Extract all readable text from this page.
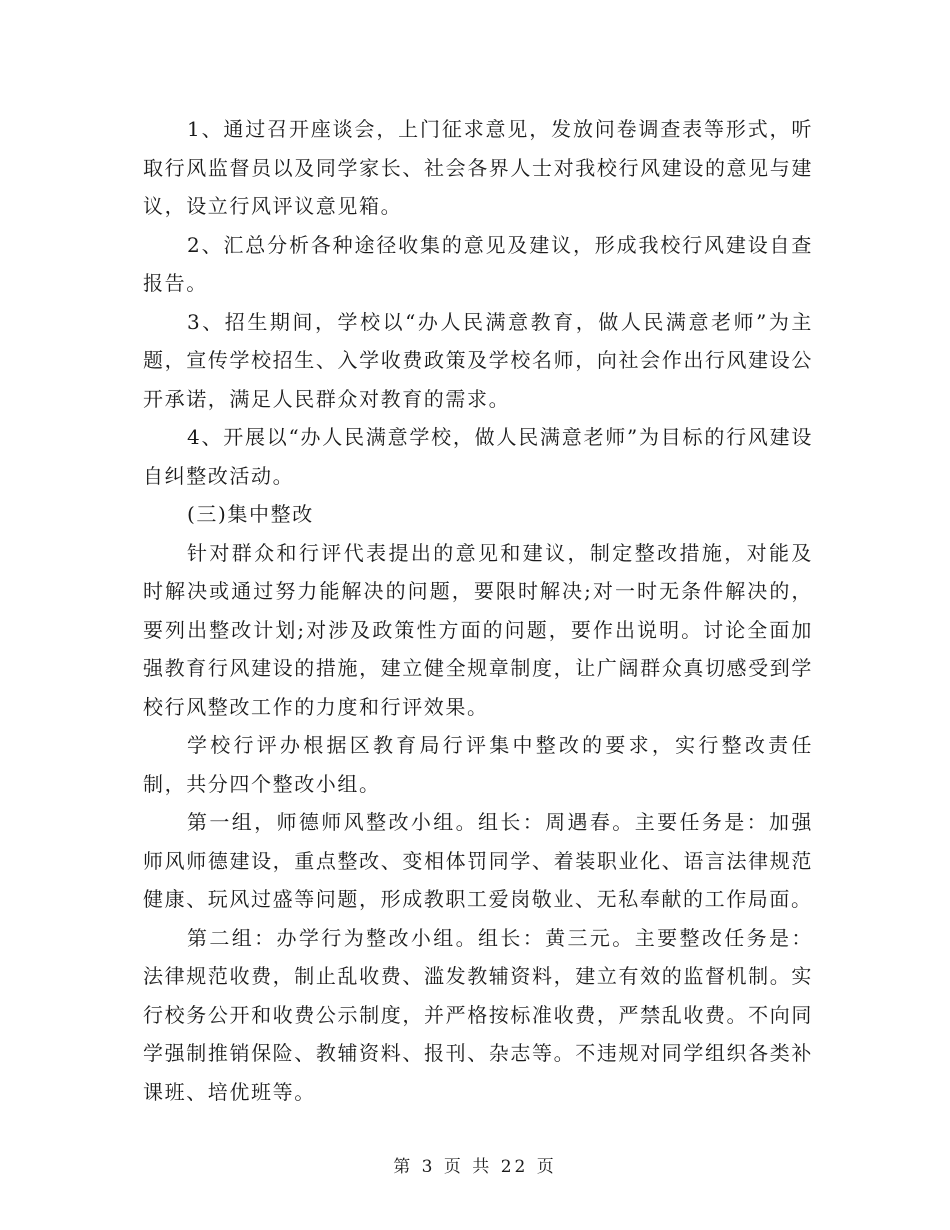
1、通过召开座谈会，上门征求意见，发放问卷调查表等形式，听取行风监督员以及同学家长、社会各界人士对我校行风建设的意见与建议，设立行风评议意见箱。

2、汇总分析各种途径收集的意见及建议，形成我校行风建设自查报告。

3、招生期间，学校以“办人民满意教育，做人民满意老师”为主题，宣传学校招生、入学收费政策及学校名师，向社会作出行风建设公开承诺，满足人民群众对教育的需求。

4、开展以“办人民满意学校，做人民满意老师”为目标的行风建设自纠整改活动。

(三)集中整改

针对群众和行评代表提出的意见和建议，制定整改措施，对能及时解决或通过努力能解决的问题，要限时解决;对一时无条件解决的，要列出整改计划;对涉及政策性方面的问题，要作出说明。讨论全面加强教育行风建设的措施，建立健全规章制度，让广阔群众真切感受到学校行风整改工作的力度和行评效果。

学校行评办根据区教育局行评集中整改的要求，实行整改责任制，共分四个整改小组。

第一组，师德师风整改小组。组长：周遇春。主要任务是：加强师风师德建设，重点整改、变相体罚同学、着装职业化、语言法律规范健康、玩风过盛等问题，形成教职工爱岗敬业、无私奉献的工作局面。

第二组：办学行为整改小组。组长：黄三元。主要整改任务是：法律规范收费，制止乱收费、滥发教辅资料，建立有效的监督机制。实行校务公开和收费公示制度，并严格按标准收费，严禁乱收费。不向同学强制推销保险、教辅资料、报刊、杂志等。不违规对同学组织各类补课班、培优班等。

第 3 页 共 22 页
